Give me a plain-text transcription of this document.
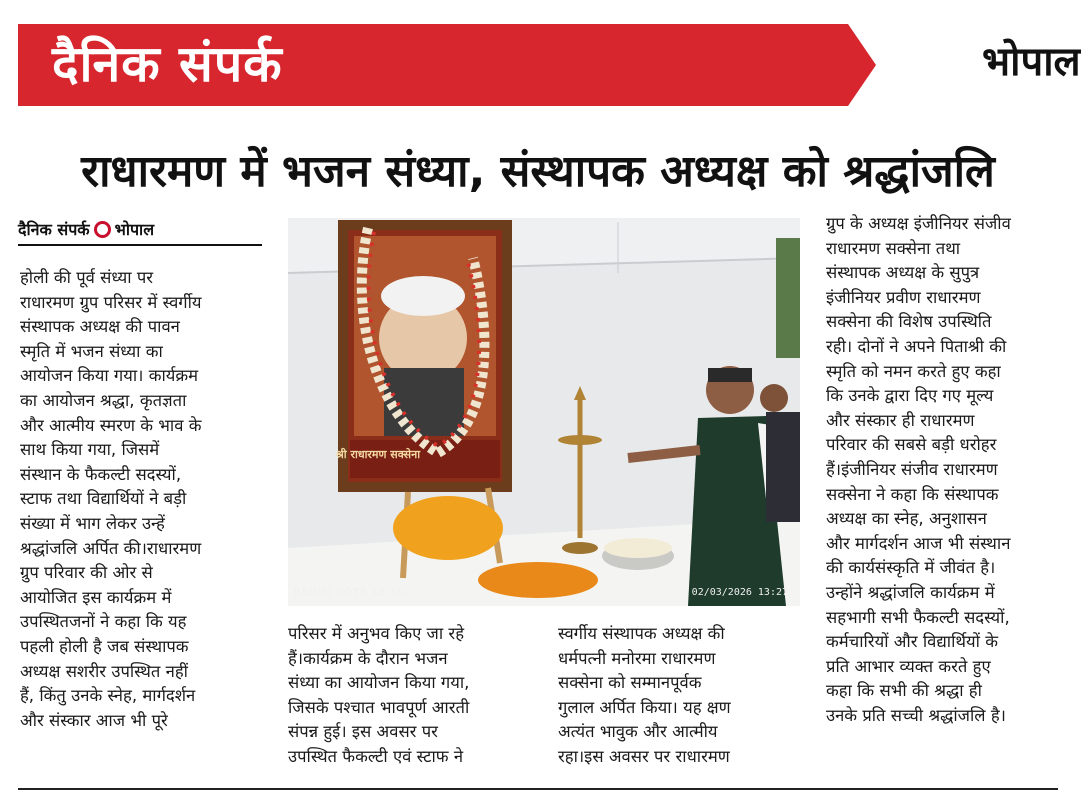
दैनिक संपर्क	भोपाल
राधारमण में भजन संध्या, संस्थापक अध्यक्ष को श्रद्धांजलि
दैनिक संपर्क भोपाल

होली की पूर्व संध्या पर

राधारमण ग्रुप परिसर में स्वर्गीय

संस्थापक अध्यक्ष की पावन

स्मृति में भजन संध्या का

आयोजन किया गया। कार्यक्रम

का आयोजन श्रद्धा, कृतज्ञता

और आत्मीय स्मरण के भाव के

साथ किया गया, जिसमें

संस्थान के फैकल्टी सदस्यों,

स्टाफ तथा विद्यार्थियों ने बड़ी

संख्या में भाग लेकर उन्हें

श्रद्धांजलि अर्पित की।राधारमण

ग्रुप परिवार की ओर से

आयोजित इस कार्यक्रम में

उपस्थितजनों ने कहा कि यह

पहली होली है जब संस्थापक

अध्यक्ष सशरीर उपस्थित नहीं

हैं, किंतु उनके स्नेह, मार्गदर्शन

और संस्कार आज भी पूरे

श्री राधारमण सक्सेना
REDMI NOTE 13 5G	02/03/2026 13:27

परिसर में अनुभव किए जा रहे

हैं।कार्यक्रम के दौरान भजन

संध्या का आयोजन किया गया,

जिसके पश्चात भावपूर्ण आरती

संपन्न हुई। इस अवसर पर

उपस्थित फैकल्टी एवं स्टाफ ने

स्वर्गीय संस्थापक अध्यक्ष की

धर्मपत्नी मनोरमा राधारमण

सक्सेना को सम्मानपूर्वक

गुलाल अर्पित किया। यह क्षण

अत्यंत भावुक और आत्मीय

रहा।इस अवसर पर राधारमण

ग्रुप के अध्यक्ष इंजीनियर संजीव

राधारमण सक्सेना तथा

संस्थापक अध्यक्ष के सुपुत्र

इंजीनियर प्रवीण राधारमण

सक्सेना की विशेष उपस्थिति

रही। दोनों ने अपने पिताश्री की

स्मृति को नमन करते हुए कहा

कि उनके द्वारा दिए गए मूल्य

और संस्कार ही राधारमण

परिवार की सबसे बड़ी धरोहर

हैं।इंजीनियर संजीव राधारमण

सक्सेना ने कहा कि संस्थापक

अध्यक्ष का स्नेह, अनुशासन

और मार्गदर्शन आज भी संस्थान

की कार्यसंस्कृति में जीवंत है।

उन्होंने श्रद्धांजलि कार्यक्रम में

सहभागी सभी फैकल्टी सदस्यों,

कर्मचारियों और विद्यार्थियों के

प्रति आभार व्यक्त करते हुए

कहा कि सभी की श्रद्धा ही

उनके प्रति सच्ची श्रद्धांजलि है।
